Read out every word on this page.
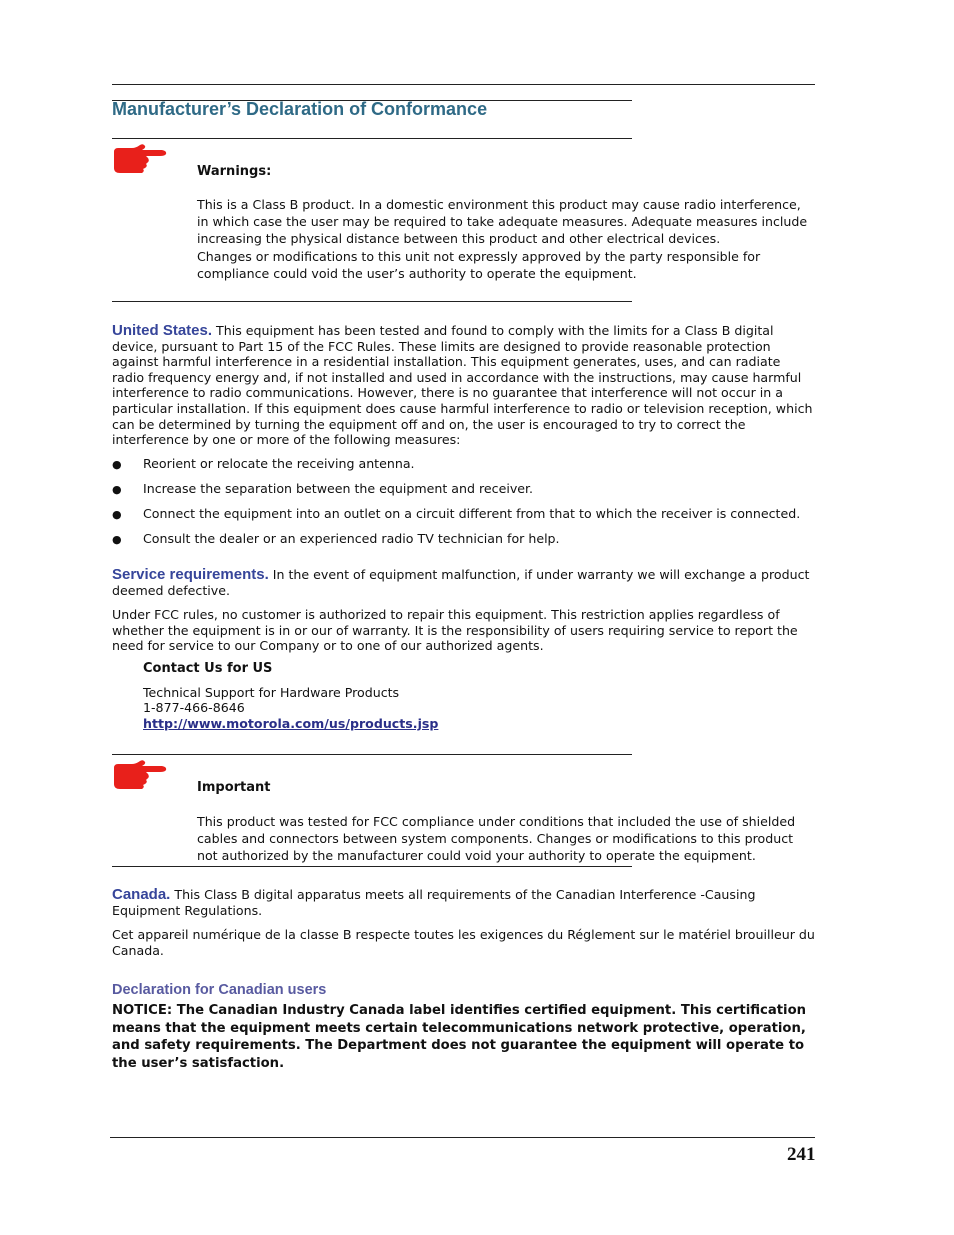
Manufacturer’s Declaration of Conformance
Warnings:
This is a Class B product. In a domestic environment this product may cause radio interference, in which case the user may be required to take adequate measures. Adequate measures include increasing the physical distance between this product and other electrical devices.
Changes or modifications to this unit not expressly approved by the party responsible for compliance could void the user’s authority to operate the equipment.
United States. This equipment has been tested and found to comply with the limits for a Class B digital device, pursuant to Part 15 of the FCC Rules. These limits are designed to provide reasonable protection against harmful interference in a residential installation. This equipment generates, uses, and can radiate radio frequency energy and, if not installed and used in accordance with the instructions, may cause harmful interference to radio communications. However, there is no guarantee that interference will not occur in a particular installation. If this equipment does cause harmful interference to radio or television reception, which can be determined by turning the equipment off and on, the user is encouraged to try to correct the interference by one or more of the following measures:
● Reorient or relocate the receiving antenna.
● Increase the separation between the equipment and receiver.
● Connect the equipment into an outlet on a circuit different from that to which the receiver is connected.
● Consult the dealer or an experienced radio TV technician for help.
Service requirements. In the event of equipment malfunction, if under warranty we will exchange a product deemed defective.
Under FCC rules, no customer is authorized to repair this equipment. This restriction applies regardless of whether the equipment is in or our of warranty. It is the responsibility of users requiring service to report the need for service to our Company or to one of our authorized agents.
Contact Us for US
Technical Support for Hardware Products
1-877-466-8646
http://www.motorola.com/us/products.jsp
Important
This product was tested for FCC compliance under conditions that included the use of shielded cables and connectors between system components. Changes or modifications to this product not authorized by the manufacturer could void your authority to operate the equipment.
Canada. This Class B digital apparatus meets all requirements of the Canadian Interference -Causing Equipment Regulations.
Cet appareil numérique de la classe B respecte toutes les exigences du Réglement sur le matériel brouilleur du Canada.
Declaration for Canadian users
NOTICE: The Canadian Industry Canada label identifies certified equipment. This certification means that the equipment meets certain telecommunications network protective, operation, and safety requirements. The Department does not guarantee the equipment will operate to the user’s satisfaction.
241
